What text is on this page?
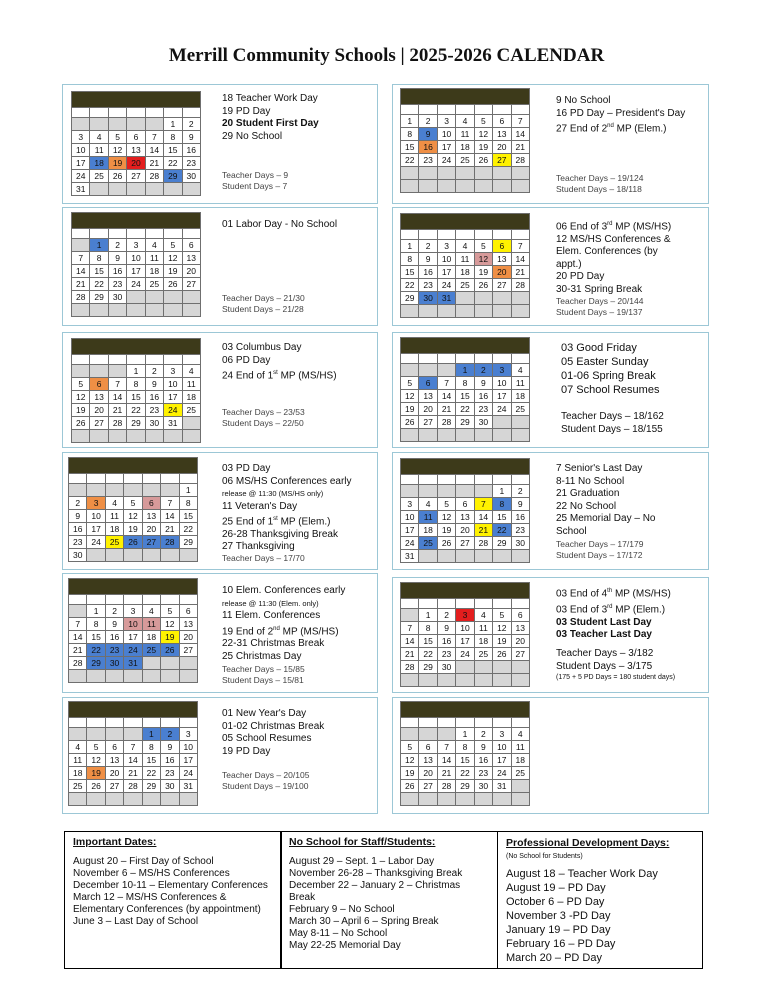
Merrill Community Schools | 2025-2026 CALENDAR

					1	2
3	4	5	6	7	8	9
10	11	12	13	14	15	16
17	18	19	20	21	22	23
24	25	26	27	28	29	30
31						

	1	2	3	4	5	6
7	8	9	10	11	12	13
14	15	16	17	18	19	20
21	22	23	24	25	26	27
28	29	30				

			1	2	3	4
5	6	7	8	9	10	11
12	13	14	15	16	17	18
19	20	21	22	23	24	25
26	27	28	29	30	31	

						1
2	3	4	5	6	7	8
9	10	11	12	13	14	15
16	17	18	19	20	21	22
23	24	25	26	27	28	29
30						

	1	2	3	4	5	6
7	8	9	10	11	12	13
14	15	16	17	18	19	20
21	22	23	24	25	26	27
28	29	30	31			

				1	2	3
4	5	6	7	8	9	10
11	12	13	14	15	16	17
18	19	20	21	22	23	24
25	26	27	28	29	30	31

1	2	3	4	5	6	7
8	9	10	11	12	13	14
15	16	17	18	19	20	21
22	23	24	25	26	27	28

1	2	3	4	5	6	7
8	9	10	11	12	13	14
15	16	17	18	19	20	21
22	23	24	25	26	27	28
29	30	31				

			1	2	3	4
5	6	7	8	9	10	11
12	13	14	15	16	17	18
19	20	21	22	23	24	25
26	27	28	29	30		

					1	2
3	4	5	6	7	8	9
10	11	12	13	14	15	16
17	18	19	20	21	22	23
24	25	26	27	28	29	30
31						

	1	2	3	4	5	6
7	8	9	10	11	12	13
14	15	16	17	18	19	20
21	22	23	24	25	26	27
28	29	30				

			1	2	3	4
5	6	7	8	9	10	11
12	13	14	15	16	17	18
19	20	21	22	23	24	25
26	27	28	29	30	31	

18 Teacher Work Day
19 PD Day
20 Student First Day
29 No School
Teacher Days – 9
Student Days – 7
01 Labor Day - No School
Teacher Days – 21/30
Student Days – 21/28
03 Columbus Day
06 PD Day
24 End of 1st MP (MS/HS)
Teacher Days – 23/53
Student Days – 22/50
03 PD Day
06 MS/HS Conferences early
release @ 11:30 (MS/HS only)
11 Veteran's Day
25 End of 1st MP (Elem.)
26-28 Thanksgiving Break
27 Thanksgiving
Teacher Days – 17/70
10 Elem. Conferences early
release @ 11:30 (Elem. only)
11 Elem. Conferences
19 End of 2nd MP (MS/HS)
22-31 Christmas Break
25 Christmas Day
Teacher Days – 15/85
Student Days – 15/81
01 New Year's Day
01-02 Christmas Break
05 School Resumes
19 PD Day
Teacher Days – 20/105
Student Days – 19/100
9 No School
16 PD Day – President's Day
27 End of 2nd MP (Elem.)
Teacher Days – 19/124
Student Days – 18/118
06 End of 3rd MP (MS/HS)
12 MS/HS Conferences &
Elem. Conferences (by
appt.)
20 PD Day
30-31 Spring Break
Teacher Days – 20/144
Student Days – 19/137
03 Good Friday
05 Easter Sunday
01-06 Spring Break
07 School Resumes
Teacher Days – 18/162
Student Days – 18/155
7 Senior's Last Day
8-11 No School
21 Graduation
22 No School
25 Memorial Day – No
School
Teacher Days – 17/179
Student Days – 17/172
03 End of 4th MP (MS/HS)
03 End of 3rd MP (Elem.)
03 Student Last Day
03 Teacher Last Day
Teacher Days – 3/182
Student Days – 3/175
(175 + 5 PD Days = 180 student days)
Important Dates:
August 20 – First Day of School
November 6 – MS/HS Conferences
December 10-11 – Elementary Conferences
March 12 – MS/HS Conferences & Elementary Conferences (by appointment)
June 3 – Last Day of School
No School for Staff/Students:
August 29 – Sept. 1 – Labor Day
November 26-28 – Thanksgiving Break
December 22 – January 2 – Christmas Break
February 9 – No School
March 30 – April 6 – Spring Break
May 8-11 – No School
May 22-25 Memorial Day
Professional Development Days:
(No School for Students)
August 18 – Teacher Work Day
August 19 – PD Day
October 6 – PD Day
November 3 -PD Day
January 19 – PD Day
February 16 – PD Day
March 20 – PD Day
